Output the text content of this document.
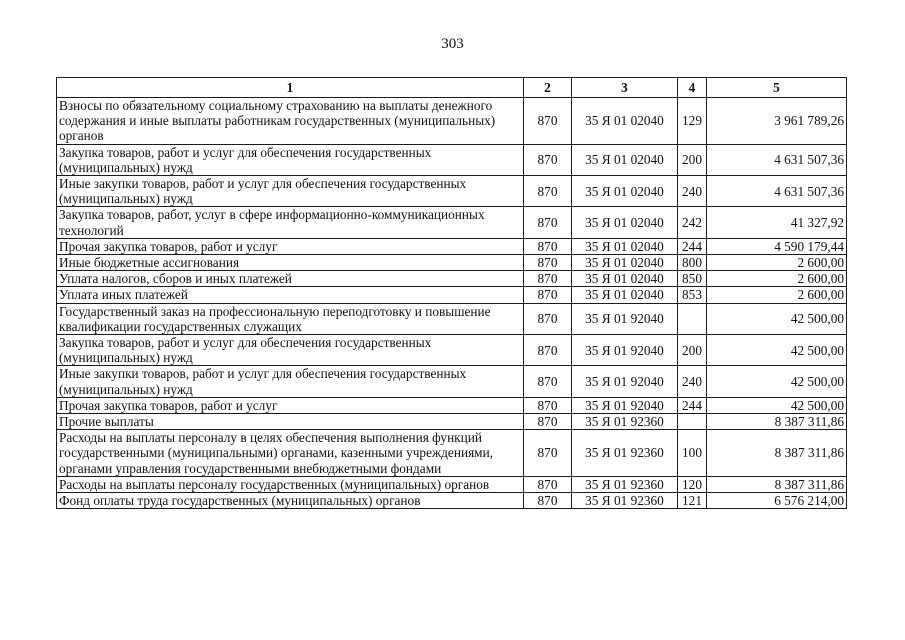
303
1	2	3	4	5
Взносы по обязательному социальному страхованию на выплаты денежного содержания и иные выплаты работникам государственных (муниципальных) органов	870	35 Я 01 02040	129	3 961 789,26
Закупка товаров, работ и услуг для обеспечения государственных (муниципальных) нужд	870	35 Я 01 02040	200	4 631 507,36
Иные закупки товаров, работ и услуг для обеспечения государственных (муниципальных) нужд	870	35 Я 01 02040	240	4 631 507,36
Закупка товаров, работ, услуг в сфере информационно-коммуникационных технологий	870	35 Я 01 02040	242	41 327,92
Прочая закупка товаров, работ и услуг	870	35 Я 01 02040	244	4 590 179,44
Иные бюджетные ассигнования	870	35 Я 01 02040	800	2 600,00
Уплата налогов, сборов и иных платежей	870	35 Я 01 02040	850	2 600,00
Уплата иных платежей	870	35 Я 01 02040	853	2 600,00
Государственный заказ на профессиональную переподготовку и повышение квалификации государственных служащих	870	35 Я 01 92040		42 500,00
Закупка товаров, работ и услуг для обеспечения государственных (муниципальных) нужд	870	35 Я 01 92040	200	42 500,00
Иные закупки товаров, работ и услуг для обеспечения государственных (муниципальных) нужд	870	35 Я 01 92040	240	42 500,00
Прочая закупка товаров, работ и услуг	870	35 Я 01 92040	244	42 500,00
Прочие выплаты	870	35 Я 01 92360		8 387 311,86
Расходы на выплаты персоналу в целях обеспечения выполнения функций государственными (муниципальными) органами, казенными учреждениями, органами управления государственными внебюджетными фондами	870	35 Я 01 92360	100	8 387 311,86
Расходы на выплаты персоналу государственных (муниципальных) органов	870	35 Я 01 92360	120	8 387 311,86
Фонд оплаты труда государственных (муниципальных) органов	870	35 Я 01 92360	121	6 576 214,00
